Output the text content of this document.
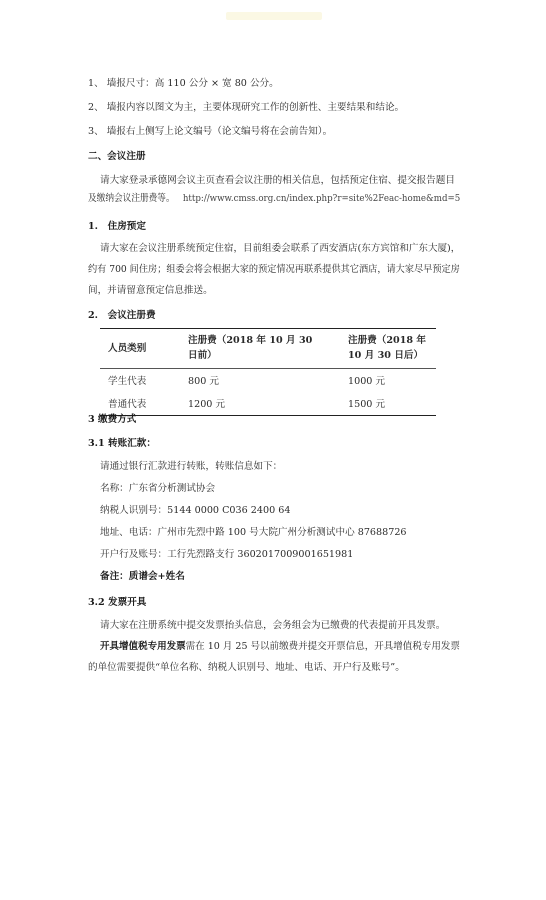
1、 墙报尺寸：高 110 公分 × 宽 80 公分。
2、 墙报内容以图文为主，主要体现研究工作的创新性、主要结果和结论。
3、 墙报右上侧写上论文编号（论文编号将在会前告知）。
二、会议注册
请大家登录承德网会议主页查看会议注册的相关信息，包括预定住宿、提交报告题目
及缴纳会议注册费等。 http://www.cmss.org.cn/index.php?r=site%2Feac-home&md=5
1.　住房预定
请大家在会议注册系统预定住宿，目前组委会联系了西安酒店(东方宾馆和广东大厦)，
约有 700 间住房；组委会将会根据大家的预定情况再联系提供其它酒店，请大家尽早预定房
间，并请留意预定信息推送。
2.　会议注册费
人员类别	注册费（2018 年 10 月 30 日前）	注册费（2018 年 10 月 30 日后）
学生代表	800 元	1000 元
普通代表	1200 元	1500 元
3 缴费方式
3.1 转账汇款：
请通过银行汇款进行转账，转账信息如下：
名称：广东省分析测试协会
纳税人识别号：5144 0000 C036 2400 64
地址、电话：广州市先烈中路 100 号大院广州分析测试中心 87688726
开户行及账号：工行先烈路支行 3602017009001651981
备注：质谱会+姓名
3.2 发票开具
请大家在注册系统中提交发票抬头信息，会务组会为已缴费的代表提前开具发票。
开具增值税专用发票需在 10 月 25 号以前缴费并提交开票信息，开具增值税专用发票
的单位需要提供“单位名称、纳税人识别号、地址、电话、开户行及账号”。
